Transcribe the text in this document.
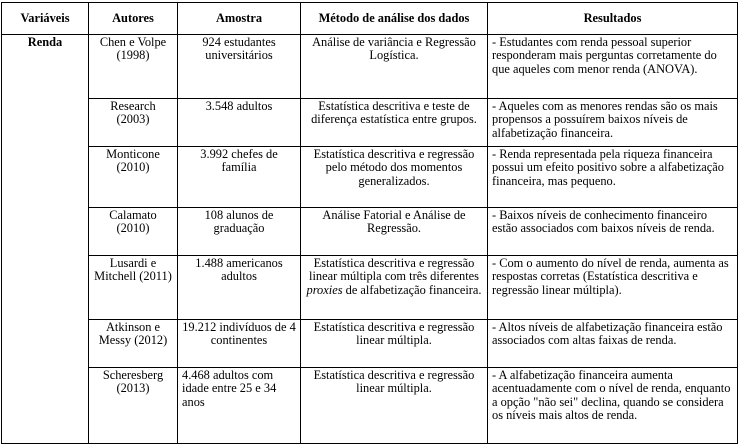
Variáveis	Autores	Amostra	Método de análise dos dados	Resultados
Renda	Chen e Volpe (1998)	924 estudantes universitários	Análise de variância e Regressão Logística.	- Estudantes com renda pessoal superior responderam mais perguntas corretamente do que aqueles com menor renda (ANOVA).
	Research (2003)	3.548 adultos	Estatística descritiva e teste de diferença estatística entre grupos.	- Aqueles com as menores rendas são os mais propensos a possuírem baixos níveis de alfabetização financeira.
	Monticone (2010)	3.992 chefes de família	Estatística descritiva e regressão pelo método dos momentos generalizados.	- Renda representada pela riqueza financeira possui um efeito positivo sobre a alfabetização financeira, mas pequeno.
	Calamato (2010)	108 alunos de graduação	Análise Fatorial e Análise de Regressão.	- Baixos níveis de conhecimento financeiro estão associados com baixos níveis de renda.
	Lusardi e Mitchell (2011)	1.488 americanos adultos	Estatística descritiva e regressão linear múltipla com três diferentes proxies de alfabetização financeira.	- Com o aumento do nível de renda, aumenta as respostas corretas (Estatística descritiva e regressão linear múltipla).
	Atkinson e Messy (2012)	19.212 indivíduos de 4 continentes	Estatística descritiva e regressão linear múltipla.	- Altos níveis de alfabetização financeira estão associados com altas faixas de renda.
	Scheresberg (2013)	4.468 adultos com idade entre 25 e 34 anos	Estatística descritiva e regressão linear múltipla.	- A alfabetização financeira aumenta acentuadamente com o nível de renda, enquanto a opção "não sei" declina, quando se considera os níveis mais altos de renda.
